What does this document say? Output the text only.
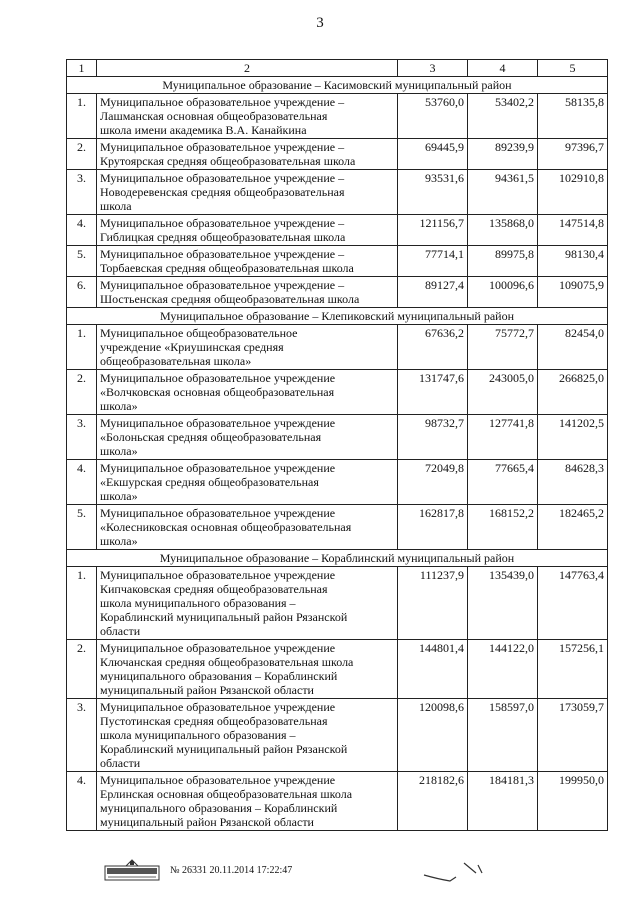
3
1	2	3	4	5
Муниципальное образование – Касимовский муниципальный район				
1.	Муниципальное образовательное учреждение –
Лашманская основная общеобразовательная
школа имени академика В.А. Канайкина	53760,0	53402,2	58135,8
2.	Муниципальное образовательное учреждение –
Крутоярская средняя общеобразовательная школа	69445,9	89239,9	97396,7
3.	Муниципальное образовательное учреждение –
Новодеревенская средняя общеобразовательная
школа	93531,6	94361,5	102910,8
4.	Муниципальное образовательное учреждение –
Гиблицкая средняя общеобразовательная школа	121156,7	135868,0	147514,8
5.	Муниципальное образовательное учреждение –
Торбаевская средняя общеобразовательная школа	77714,1	89975,8	98130,4
6.	Муниципальное образовательное учреждение –
Шостьенская средняя общеобразовательная школа	89127,4	100096,6	109075,9
Муниципальное образование – Клепиковский муниципальный район				
1.	Муниципальное общеобразовательное
учреждение «Криушинская средняя
общеобразовательная школа»	67636,2	75772,7	82454,0
2.	Муниципальное образовательное учреждение
«Волчковская основная общеобразовательная
школа»	131747,6	243005,0	266825,0
3.	Муниципальное образовательное учреждение
«Болоньская средняя общеобразовательная
школа»	98732,7	127741,8	141202,5
4.	Муниципальное образовательное учреждение
«Екшурская средняя общеобразовательная
школа»	72049,8	77665,4	84628,3
5.	Муниципальное образовательное учреждение
«Колесниковская основная общеобразовательная
школа»	162817,8	168152,2	182465,2
Муниципальное образование – Кораблинский муниципальный район				
1.	Муниципальное образовательное учреждение
Кипчаковская средняя общеобразовательная
школа муниципального образования –
Кораблинский муниципальный район Рязанской
области	111237,9	135439,0	147763,4
2.	Муниципальное образовательное учреждение
Ключанская средняя общеобразовательная школа
муниципального образования – Кораблинский
муниципальный район Рязанской области	144801,4	144122,0	157256,1
3.	Муниципальное образовательное учреждение
Пустотинская средняя общеобразовательная
школа муниципального образования –
Кораблинский муниципальный район Рязанской
области	120098,6	158597,0	173059,7
4.	Муниципальное образовательное учреждение
Ерлинская основная общеобразовательная школа
муниципального образования – Кораблинский
муниципальный район Рязанской области	218182,6	184181,3	199950,0
№ 26331 20.11.2014 17:22:47
